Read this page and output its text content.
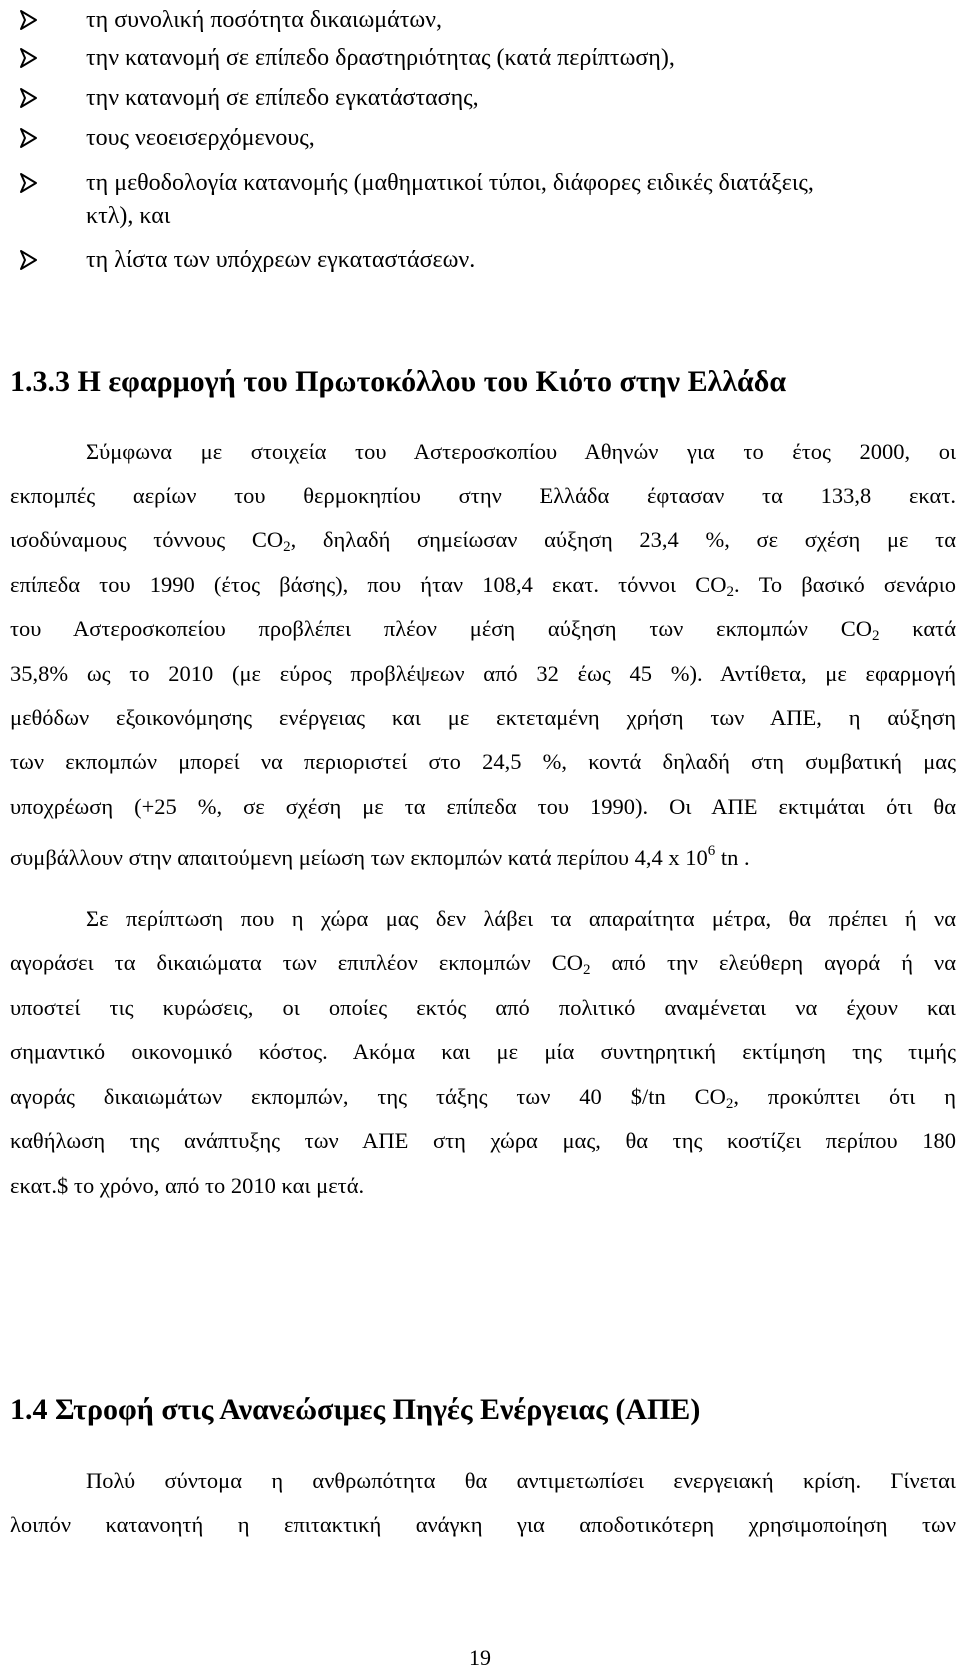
τη συνολική ποσότητα δικαιωμάτων,
την κατανομή σε επίπεδο δραστηριότητας (κατά περίπτωση),
την κατανομή σε επίπεδο εγκατάστασης,
τους νεοεισερχόμενους,
τη μεθοδολογία κατανομής (μαθηματικοί τύποι, διάφορες ειδικές διατάξεις,
κτλ), και
τη λίστα των υπόχρεων εγκαταστάσεων.
1.3.3 Η εφαρμογή του Πρωτοκόλλου του Κιότο στην Ελλάδα
Σύμφωνα με στοιχεία του Αστεροσκοπίου Αθηνών για το έτος 2000, οι
εκπομπές αερίων του θερμοκηπίου στην Ελλάδα έφτασαν τα 133,8 εκατ.
ισοδύναμους τόννους $CO_2$, δηλαδή σημείωσαν αύξηση 23,4 %, σε σχέση με τα
επίπεδα του 1990 (έτος βάσης), που ήταν 108,4 εκατ. τόννοι $CO_2$. Το βασικό σενάριο
του Αστεροσκοπείου προβλέπει πλέον μέση αύξηση των εκπομπών $CO_2$ κατά
35,8% ως το 2010 (με εύρος προβλέψεων από 32 έως 45 %). Αντίθετα, με εφαρμογή
μεθόδων εξοικονόμησης ενέργειας και με εκτεταμένη χρήση των ΑΠΕ, η αύξηση
των εκπομπών μπορεί να περιοριστεί στο 24,5 %, κοντά δηλαδή στη συμβατική μας
υποχρέωση (+25 %, σε σχέση με τα επίπεδα του 1990). Οι ΑΠΕ εκτιμάται ότι θα
συμβάλλουν στην απαιτούμενη μείωση των εκπομπών κατά περίπου 4,4 x $10^6$ tn .
Σε περίπτωση που η χώρα μας δεν λάβει τα απαραίτητα μέτρα, θα πρέπει ή να
αγοράσει τα δικαιώματα των επιπλέον εκπομπών $CO_2$ από την ελεύθερη αγορά ή να
υποστεί τις κυρώσεις, οι οποίες εκτός από πολιτικό αναμένεται να έχουν και
σημαντικό οικονομικό κόστος. Ακόμα και με μία συντηρητική εκτίμηση της τιμής
αγοράς δικαιωμάτων εκπομπών, της τάξης των 40 $/tn $CO_2$, προκύπτει ότι η
καθήλωση της ανάπτυξης των ΑΠΕ στη χώρα μας, θα της κοστίζει περίπου 180
εκατ.$ το χρόνο, από το 2010 και μετά.
1.4 Στροφή στις Ανανεώσιμες Πηγές Ενέργειας (ΑΠΕ)
Πολύ σύντομα η ανθρωπότητα θα αντιμετωπίσει ενεργειακή κρίση. Γίνεται
λοιπόν κατανοητή η επιτακτική ανάγκη για αποδοτικότερη χρησιμοποίηση των
19
